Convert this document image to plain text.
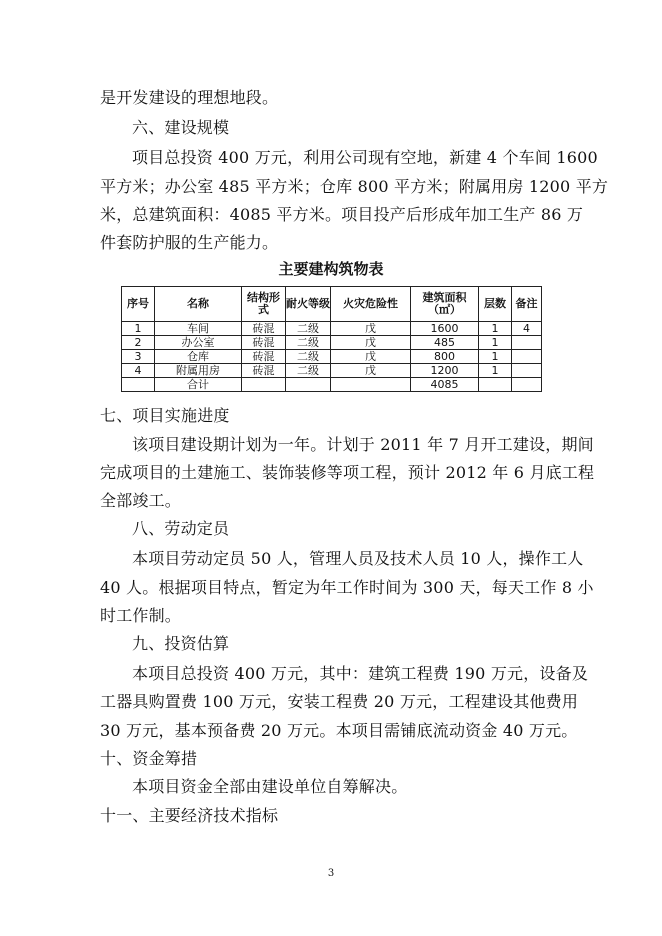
是开发建设的理想地段。
六、建设规模
项目总投资 400 万元，利用公司现有空地，新建 4 个车间 1600
平方米；办公室 485 平方米；仓库 800 平方米；附属用房 1200 平方
米，总建筑面积：4085 平方米。项目投产后形成年加工生产 86 万
件套防护服的生产能力。
主要建构筑物表
序号	名称	结构形式	耐火等级	火灾危险性	建筑面积（㎡）	层数	备注
1	车间	砖混	二级	戊	1600	1	4
2	办公室	砖混	二级	戊	485	1	
3	仓库	砖混	二级	戊	800	1	
4	附属用房	砖混	二级	戊	1200	1	
	合计				4085		
七、项目实施进度
该项目建设期计划为一年。计划于 2011 年 7 月开工建设，期间
完成项目的土建施工、装饰装修等项工程，预计 2012 年 6 月底工程
全部竣工。
八、劳动定员
本项目劳动定员 50 人，管理人员及技术人员 10 人，操作工人
40 人。根据项目特点，暂定为年工作时间为 300 天，每天工作 8 小
时工作制。
九、投资估算
本项目总投资 400 万元，其中：建筑工程费 190 万元，设备及
工器具购置费 100 万元，安装工程费 20 万元，工程建设其他费用
30 万元，基本预备费 20 万元。本项目需铺底流动资金 40 万元。
十、资金筹措
本项目资金全部由建设单位自筹解决。
十一、主要经济技术指标
3
